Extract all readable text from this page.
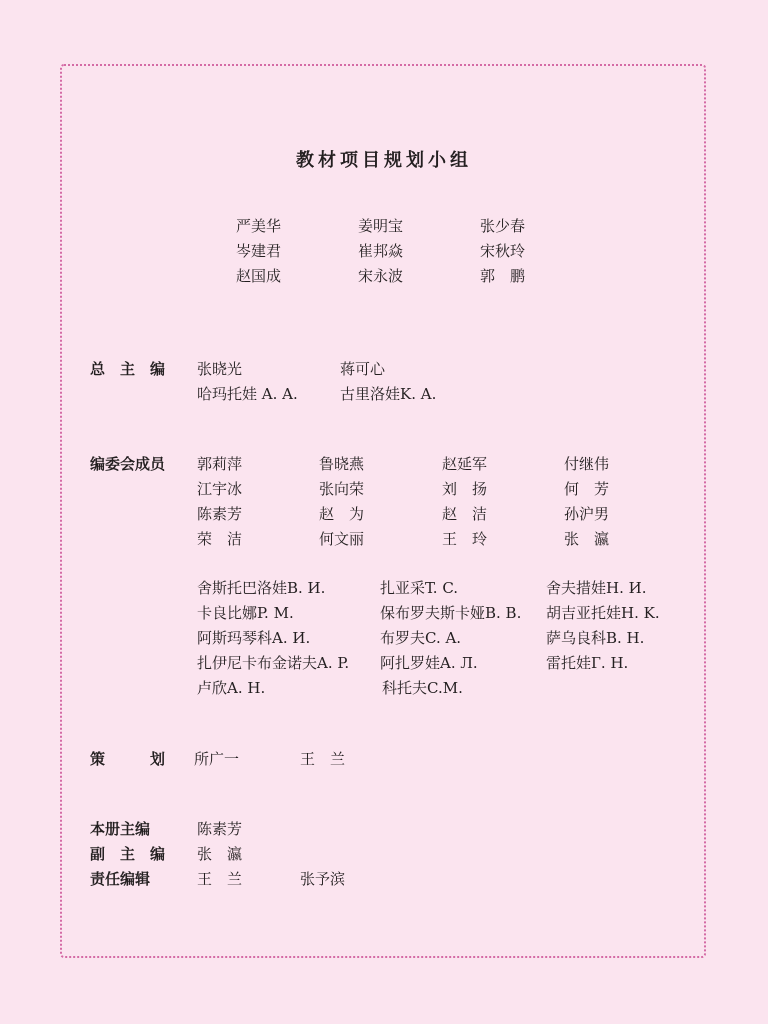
教材项目规划小组
严美华	姜明宝	张少春
岑建君	崔邦焱	宋秋玲
赵国成	宋永波	郭　鹏
总　主　编 张晓光	蒋可心
哈玛托娃 A. A.	古里洛娃K. A.
编委会成员 郭莉萍	鲁晓燕	赵延军	付继伟
江宇冰	张向荣	刘　扬	何　芳
陈素芳	赵　为	赵　洁	孙沪男
荣　洁	何文丽	王　玲	张　瀛
舍斯托巴洛娃B. И.	扎亚采T. C.	舍夫措娃H. И.
卡良比娜P. M.	保布罗夫斯卡娅B. B. 胡吉亚托娃H. K.
阿斯玛琴科A. И.	布罗夫C. A.	萨乌良科B. H.
扎伊尼卡布金诺夫A. P. 阿扎罗娃A. Л.	雷托娃Г. H.
卢欣A. H.	科托夫C.M.
策　　　划 所广一	王　兰
本册主编	陈素芳
副　主　编 张　瀛
责任编辑	王　兰	张予滨
